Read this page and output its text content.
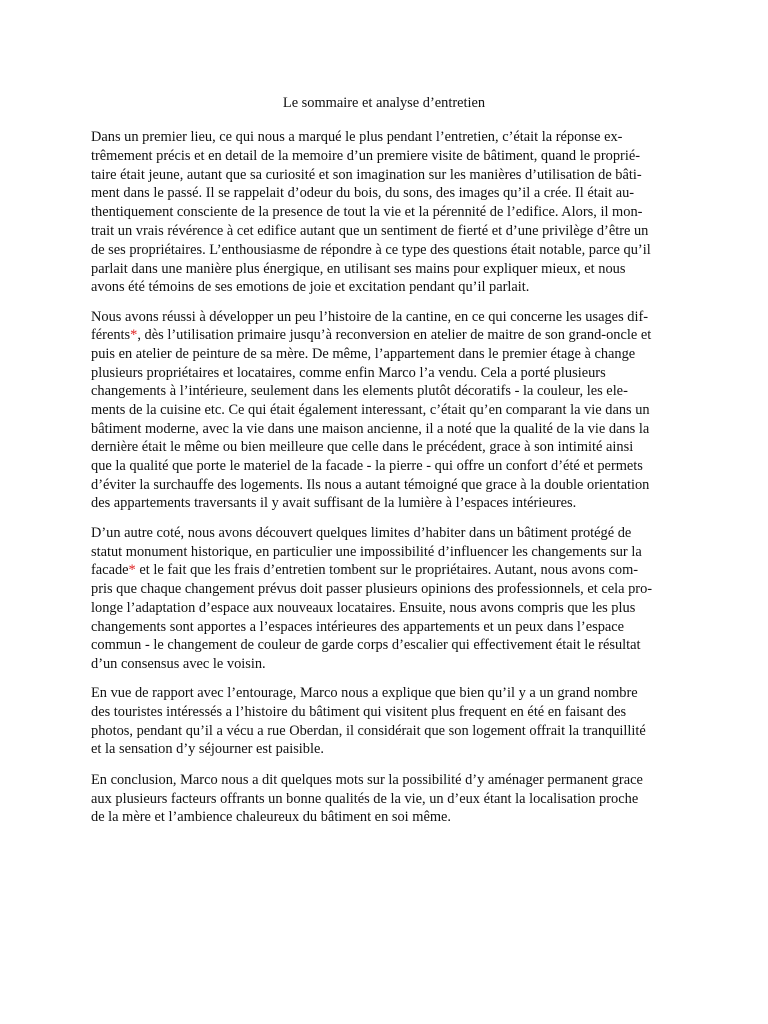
Le sommaire et analyse d’entretien
Dans un premier lieu, ce qui nous a marqué le plus pendant l’entretien, c’était la réponse ex-
trêmement précis et en detail de la memoire d’un premiere visite de bâtiment, quand le proprié-
taire était jeune, autant que sa curiosité et son imagination sur les manières d’utilisation de bâti-
ment dans le passé. Il se rappelait d’odeur du bois, du sons, des images qu’il a crée. Il était au-
thentiquement consciente de la presence de tout la vie et la pérennité de l’edifice. Alors, il mon-
trait un vrais révérence à cet edifice autant que un sentiment de fierté et d’une privilège d’être un
de ses propriétaires. L’enthousiasme de répondre à ce type des questions était notable, parce qu’il
parlait dans une manière plus énergique, en utilisant ses mains pour expliquer mieux, et nous
avons été témoins de ses emotions de joie et excitation pendant qu’il parlait.
Nous avons réussi à développer un peu l’histoire de la cantine, en ce qui concerne les usages dif-
férents*, dès l’utilisation primaire jusqu’à reconversion en atelier de maitre de son grand-oncle et
puis en atelier de peinture de sa mère. De même, l’appartement dans le premier étage à change
plusieurs propriétaires et locataires, comme enfin Marco l’a vendu. Cela a porté plusieurs
changements à l’intérieure, seulement dans les elements plutôt décoratifs - la couleur, les ele-
ments de la cuisine etc. Ce qui était également interessant, c’était qu’en comparant la vie dans un
bâtiment moderne, avec la vie dans une maison ancienne, il a noté que la qualité de la vie dans la
dernière était le même ou bien meilleure que celle dans le précédent, grace à son intimité ainsi
que la qualité que porte le materiel de la facade - la pierre - qui offre un confort d’été et permets
d’éviter la surchauffe des logements. Ils nous a autant témoigné que grace à la double orientation
des appartements traversants il y avait suffisant de la lumière à l’espaces intérieures.
D’un autre coté, nous avons découvert quelques limites d’habiter dans un bâtiment protégé de
statut monument historique, en particulier une impossibilité d’influencer les changements sur la
facade* et le fait que les frais d’entretien tombent sur le propriétaires. Autant, nous avons com-
pris que chaque changement prévus doit passer plusieurs opinions des professionnels, et cela pro-
longe l’adaptation d’espace aux nouveaux locataires. Ensuite, nous avons compris que les plus
changements sont apportes a l’espaces intérieures des appartements et un peux dans l’espace
commun - le changement de couleur de garde corps d’escalier qui effectivement était le résultat
d’un consensus avec le voisin.
En vue de rapport avec l’entourage, Marco nous a explique que bien qu’il y a un grand nombre
des touristes intéressés a l’histoire du bâtiment qui visitent plus frequent en été en faisant des
photos, pendant qu’il a vécu a rue Oberdan, il considérait que son logement offrait la tranquillité
et la sensation d’y séjourner est paisible.
En conclusion, Marco nous a dit quelques mots sur la possibilité d’y aménager permanent grace
aux plusieurs facteurs offrants un bonne qualités de la vie, un d’eux étant la localisation proche
de la mère et l’ambience chaleureux du bâtiment en soi même.
